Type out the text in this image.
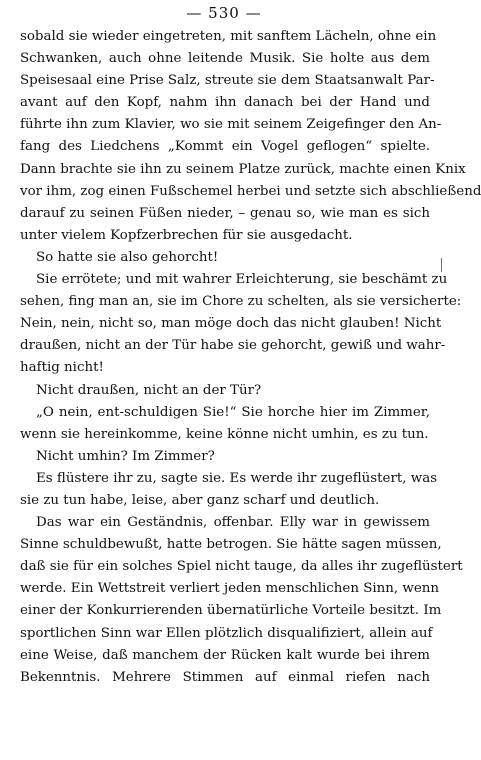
— 530 —
sobald sie wieder eingetreten, mit sanftem Lächeln, ohne ein
Schwanken, auch ohne leitende Musik. Sie holte aus dem
Speisesaal eine Prise Salz, streute sie dem Staatsanwalt Par-
avant auf den Kopf, nahm ihn danach bei der Hand und
führte ihn zum Klavier, wo sie mit seinem Zeigefinger den An-
fang des Liedchens „Kommt ein Vogel geflogen“ spielte.
Dann brachte sie ihn zu seinem Platze zurück, machte einen Knix
vor ihm, zog einen Fußschemel herbei und setzte sich abschließend
darauf zu seinen Füßen nieder, – genau so, wie man es sich
unter vielem Kopfzerbrechen für sie ausgedacht.
So hatte sie also gehorcht!
Sie errötete; und mit wahrer Erleichterung, sie beschämt zu
sehen, fing man an, sie im Chore zu schelten, als sie versicherte:
Nein, nein, nicht so, man möge doch das nicht glauben! Nicht
draußen, nicht an der Tür habe sie gehorcht, gewiß und wahr-
haftig nicht!
Nicht draußen, nicht an der Tür?
„O nein, ent-schuldigen Sie!“ Sie horche hier im Zimmer,
wenn sie hereinkomme, keine könne nicht umhin, es zu tun.
Nicht umhin? Im Zimmer?
Es flüstere ihr zu, sagte sie. Es werde ihr zugeflüstert, was
sie zu tun habe, leise, aber ganz scharf und deutlich.
Das war ein Geständnis, offenbar. Elly war in gewissem
Sinne schuldbewußt, hatte betrogen. Sie hätte sagen müssen,
daß sie für ein solches Spiel nicht tauge, da alles ihr zugeflüstert
werde. Ein Wettstreit verliert jeden menschlichen Sinn, wenn
einer der Konkurrierenden übernatürliche Vorteile besitzt. Im
sportlichen Sinn war Ellen plötzlich disqualifiziert, allein auf
eine Weise, daß manchem der Rücken kalt wurde bei ihrem
Bekenntnis. Mehrere Stimmen auf einmal riefen nach
